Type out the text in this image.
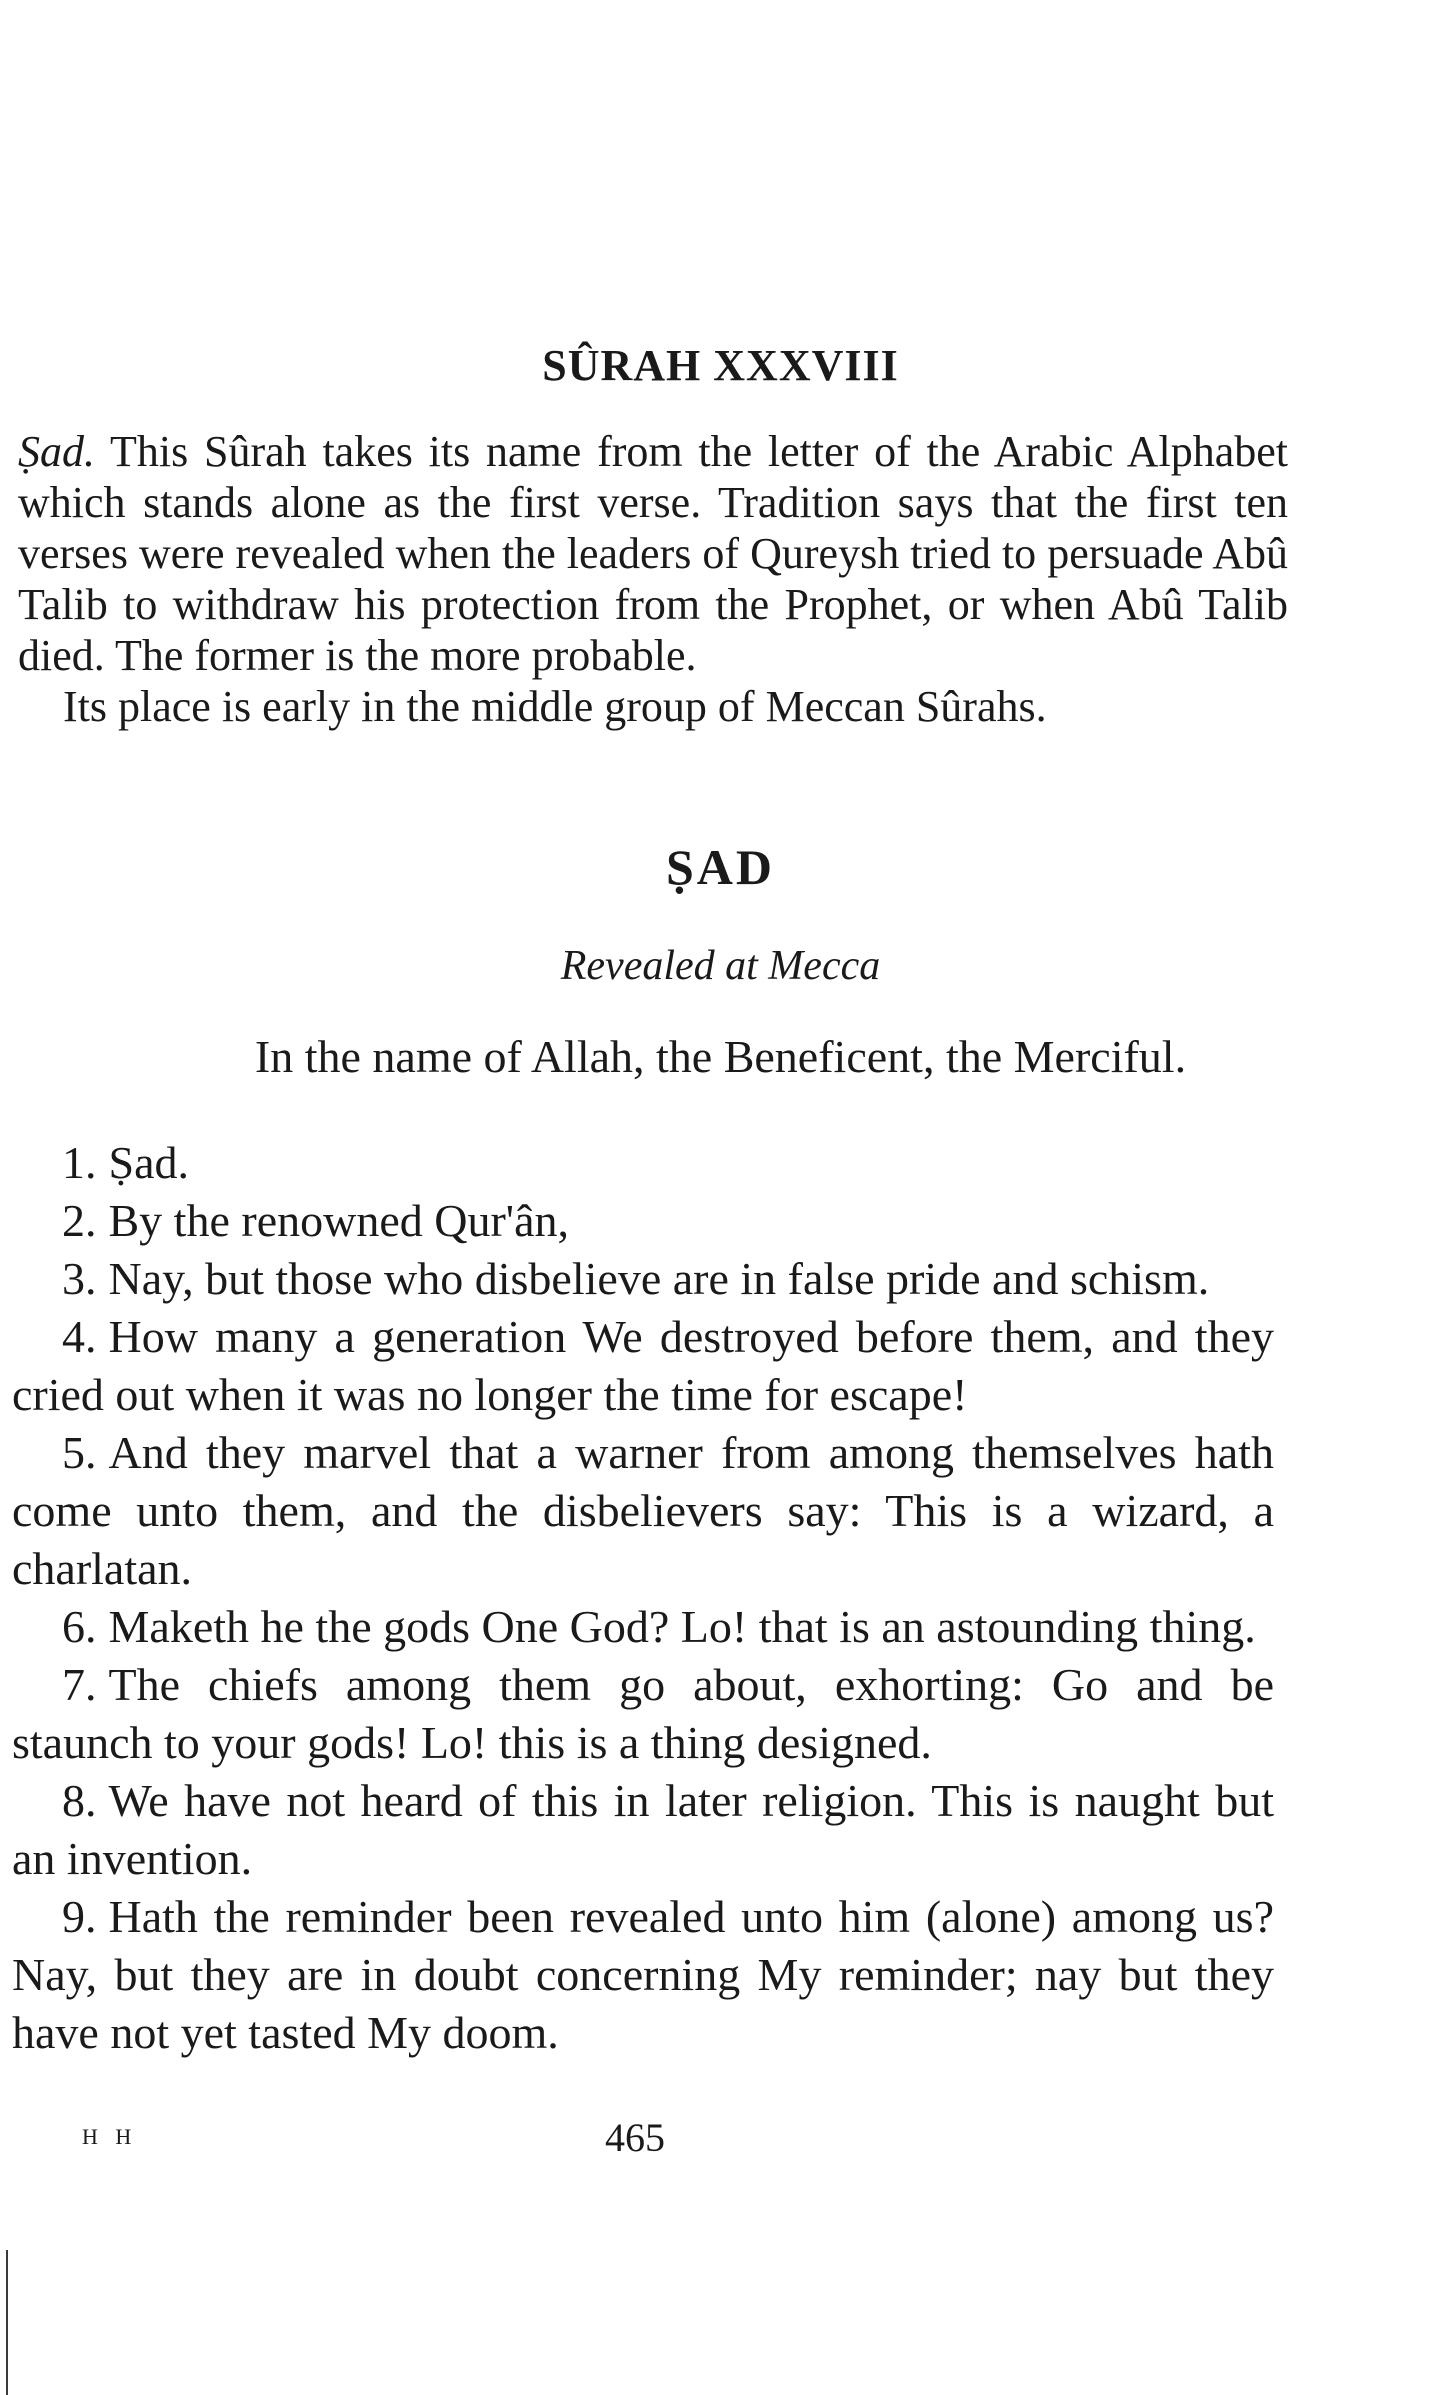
SÛRAH XXXVIII

Ṣad. This Sûrah takes its name from the letter of the Arabic Alphabet which stands alone as the first verse. Tradition says that the first ten verses were revealed when the leaders of Qureysh tried to persuade Abû Talib to withdraw his protection from the Prophet, or when Abû Talib died. The former is the more probable.

Its place is early in the middle group of Meccan Sûrahs.

ṢAD

Revealed at Mecca

In the name of Allah, the Beneficent, the Merciful.

1. Ṣad.
2. By the renowned Qur'ân,
3. Nay, but those who disbelieve are in false pride and schism.
4. How many a generation We destroyed before them, and they cried out when it was no longer the time for escape!
5. And they marvel that a warner from among themselves hath come unto them, and the disbelievers say: This is a wizard, a charlatan.
6. Maketh he the gods One God? Lo! that is an astounding thing.
7. The chiefs among them go about, exhorting: Go and be staunch to your gods! Lo! this is a thing designed.
8. We have not heard of this in later religion. This is naught but an invention.
9. Hath the reminder been revealed unto him (alone) among us? Nay, but they are in doubt concerning My reminder; nay but they have not yet tasted My doom.
H H	465
